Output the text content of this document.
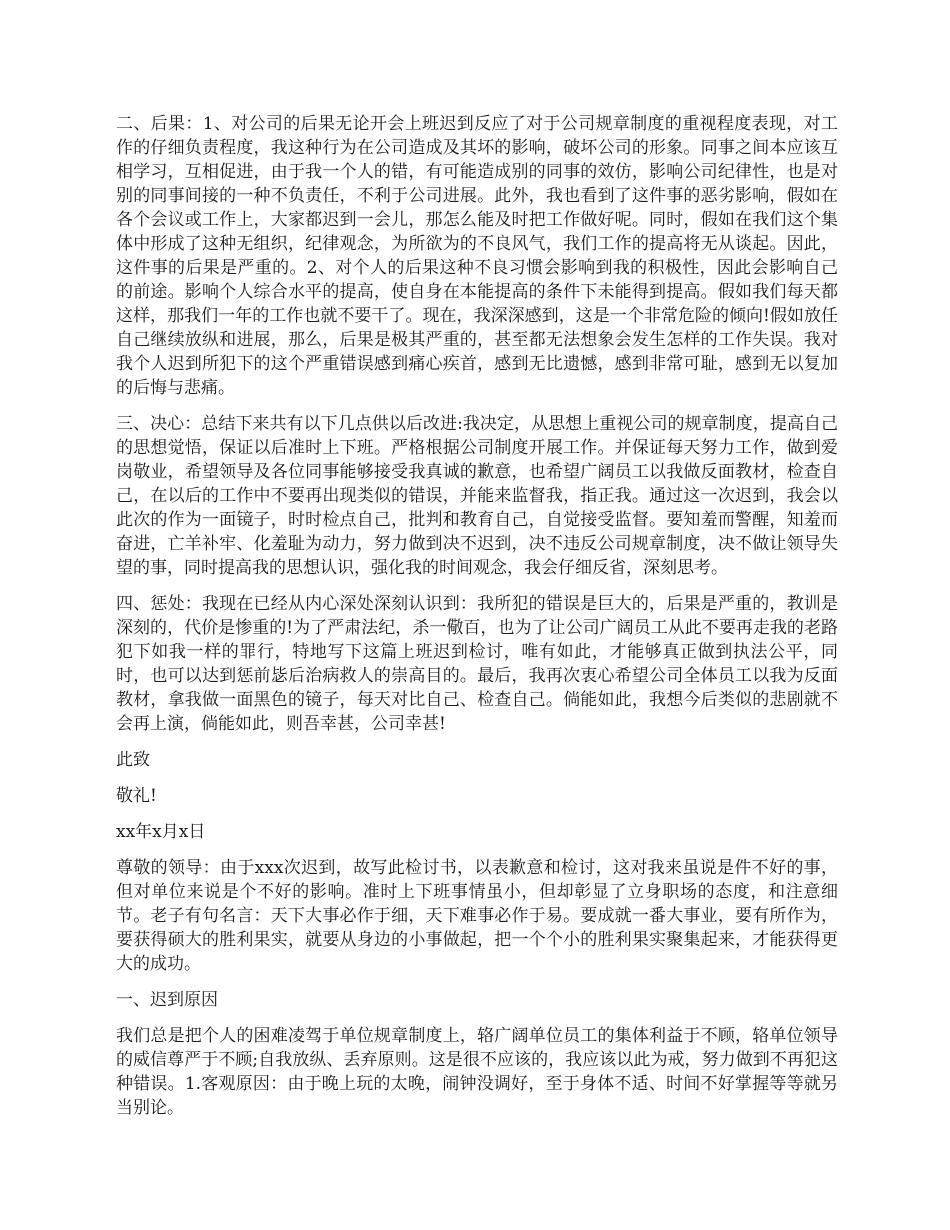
二、后果：1、对公司的后果无论开会上班迟到反应了对于公司规章制度的重视程度表现，对工作的仔细负责程度，我这种行为在公司造成及其坏的影响，破坏公司的形象。同事之间本应该互相学习，互相促进，由于我一个人的错，有可能造成别的同事的效仿，影响公司纪律性，也是对别的同事间接的一种不负责任，不利于公司进展。此外，我也看到了这件事的恶劣影响，假如在各个会议或工作上，大家都迟到一会儿，那怎么能及时把工作做好呢。同时，假如在我们这个集体中形成了这种无组织，纪律观念，为所欲为的不良风气，我们工作的提高将无从谈起。因此，这件事的后果是严重的。2、对个人的后果这种不良习惯会影响到我的积极性，因此会影响自己的前途。影响个人综合水平的提高，使自身在本能提高的条件下未能得到提高。假如我们每天都这样，那我们一年的工作也就不要干了。现在，我深深感到，这是一个非常危险的倾向!假如放任自己继续放纵和进展，那么，后果是极其严重的，甚至都无法想象会发生怎样的工作失误。我对我个人迟到所犯下的这个严重错误感到痛心疾首，感到无比遗憾，感到非常可耻，感到无以复加的后悔与悲痛。

三、决心：总结下来共有以下几点供以后改进:我决定，从思想上重视公司的规章制度，提高自己的思想觉悟，保证以后准时上下班。严格根据公司制度开展工作。并保证每天努力工作，做到爱岗敬业，希望领导及各位同事能够接受我真诚的歉意，也希望广阔员工以我做反面教材，检查自己，在以后的工作中不要再出现类似的错误，并能来监督我，指正我。通过这一次迟到，我会以此次的作为一面镜子，时时检点自己，批判和教育自己，自觉接受监督。要知羞而警醒，知羞而奋进，亡羊补牢、化羞耻为动力，努力做到决不迟到，决不违反公司规章制度，决不做让领导失望的事，同时提高我的思想认识，强化我的时间观念，我会仔细反省，深刻思考。

四、惩处：我现在已经从内心深处深刻认识到：我所犯的错误是巨大的，后果是严重的，教训是深刻的，代价是惨重的!为了严肃法纪，杀一儆百，也为了让公司广阔员工从此不要再走我的老路犯下如我一样的罪行，特地写下这篇上班迟到检讨，唯有如此，才能够真正做到执法公平，同时，也可以达到惩前毖后治病救人的崇高目的。最后，我再次衷心希望公司全体员工以我为反面教材，拿我做一面黑色的镜子，每天对比自己、检查自己。倘能如此，我想今后类似的悲剧就不会再上演，倘能如此，则吾幸甚，公司幸甚!

此致

敬礼!

xx年x月x日

尊敬的领导：由于xxx次迟到，故写此检讨书，以表歉意和检讨，这对我来虽说是件不好的事，但对单位来说是个不好的影响。准时上下班事情虽小，但却彰显了立身职场的态度，和注意细节。老子有句名言：天下大事必作于细，天下难事必作于易。要成就一番大事业，要有所作为，要获得硕大的胜利果实，就要从身边的小事做起，把一个个小的胜利果实聚集起来，才能获得更大的成功。

一、迟到原因

我们总是把个人的困难凌驾于单位规章制度上，辂广阔单位员工的集体利益于不顾，辂单位领导的威信尊严于不顾;自我放纵、丢弃原则。这是很不应该的，我应该以此为戒，努力做到不再犯这种错误。1.客观原因：由于晚上玩的太晚，闹钟没调好，至于身体不适、时间不好掌握等等就另当别论。
